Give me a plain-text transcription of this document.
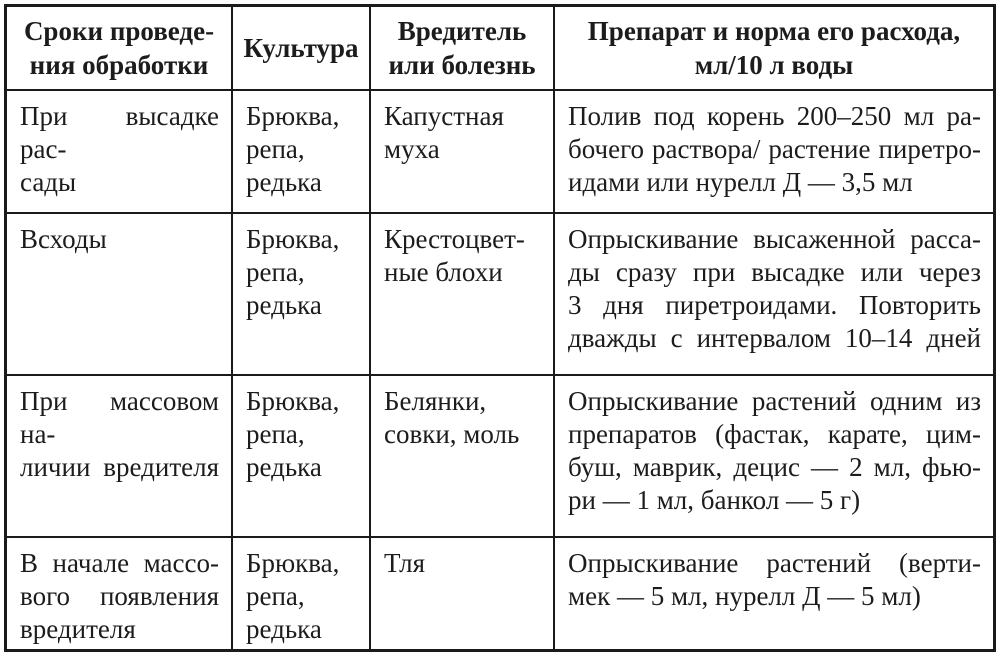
Сроки проведе-
ния обработки
Культура
Вредитель
или болезнь
Препарат и норма его расхода,
мл/10 л воды
При высадке рас-
сады
Брюква,
репа,
редька
Капустная
муха
Полив под корень 200–250 мл ра-
бочего раствора/ растение пиретро-
идами или нурелл Д — 3,5 мл
Всходы	Брюква,
репа,
редька
Крестоцвет-
ные блохи
Опрыскивание высаженной расса-
ды сразу при высадке или через
3 дня пиретроидами. Повторить
дважды с интервалом 10–14 дней
При массовом на-
личии вредителя
Брюква,
репа,
редька
Белянки,
совки, моль
Опрыскивание растений одним из
препаратов (фастак, карате, цим-
буш, маврик, децис — 2 мл, фью-
ри — 1 мл, банкол — 5 г)
В начале массо-
вого появления
вредителя
Брюква,
репа,
редька
Тля	Опрыскивание растений (верти-
мек — 5 мл, нурелл Д — 5 мл)
